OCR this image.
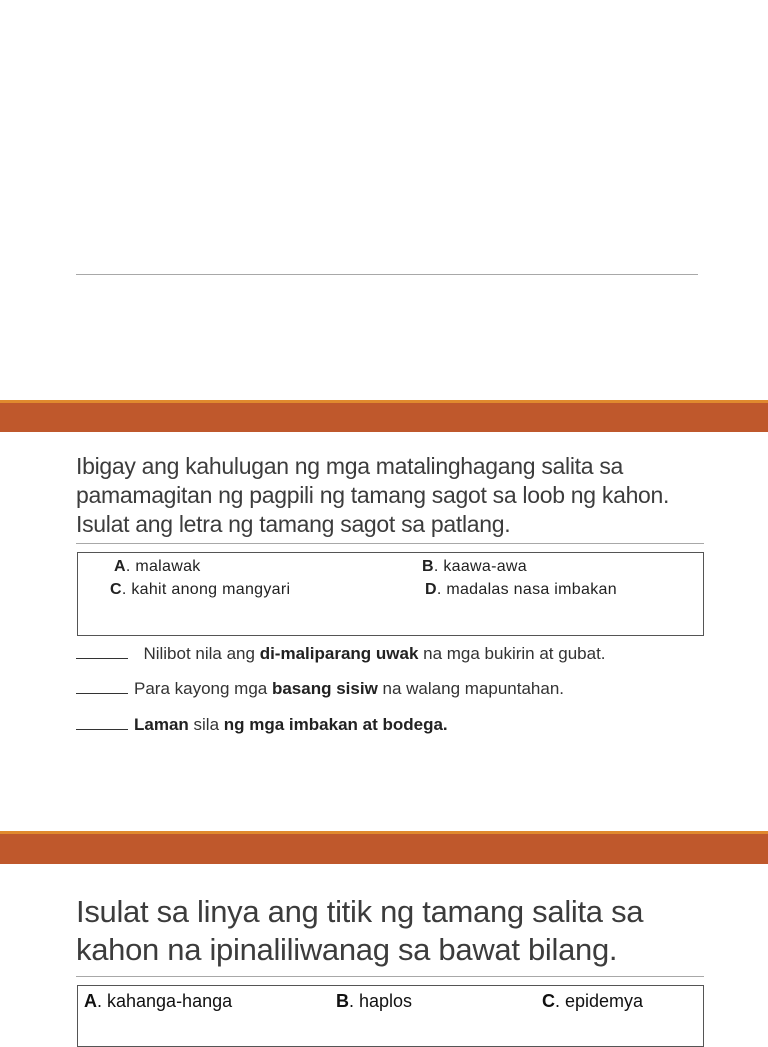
Ibigay ang kahulugan ng mga matalinghagang salita sa pamamagitan ng pagpili ng tamang sagot sa loob ng kahon. Isulat ang letra ng tamang sagot sa patlang.
A. malawak	B. kaawa-awa
C. kahit anong mangyari	D. madalas nasa imbakan
Nilibot nila ang di-maliparang uwak na mga bukirin at gubat.
Para kayong mga basang sisiw na walang mapuntahan.
Laman sila ng mga imbakan at bodega.
Isulat sa linya ang titik ng tamang salita sa kahon na ipinaliliwanag sa bawat bilang.
A. kahanga-hanga	B. haplos	C. epidemya
